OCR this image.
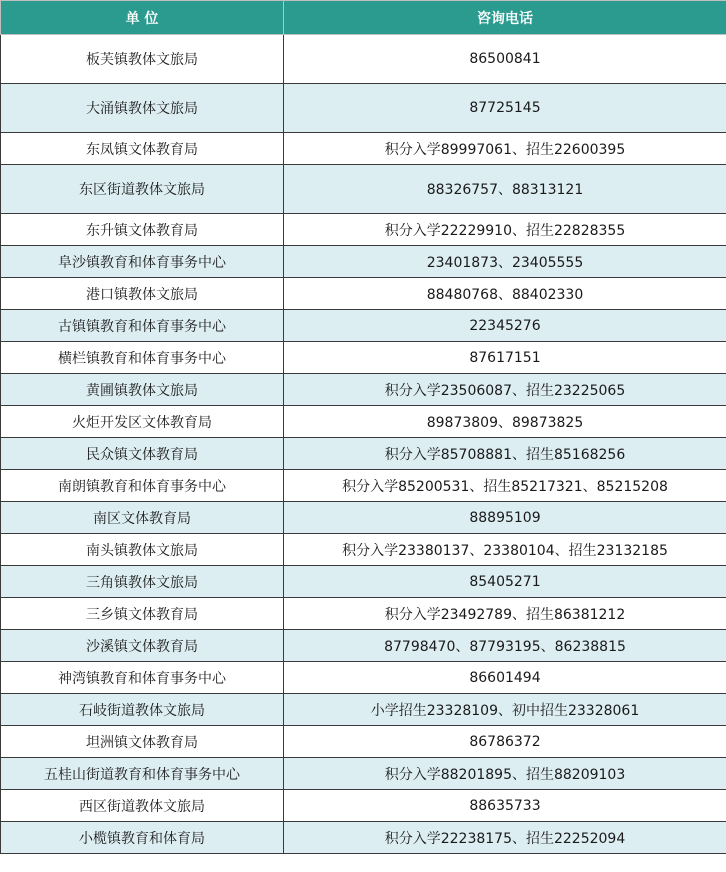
单 位	咨询电话
板芙镇教体文旅局	86500841
大涌镇教体文旅局	87725145
东凤镇文体教育局	积分入学89997061、招生22600395
东区街道教体文旅局	88326757、88313121
东升镇文体教育局	积分入学22229910、招生22828355
阜沙镇教育和体育事务中心	23401873、23405555
港口镇教体文旅局	88480768、88402330
古镇镇教育和体育事务中心	22345276
横栏镇教育和体育事务中心	87617151
黄圃镇教体文旅局	积分入学23506087、招生23225065
火炬开发区文体教育局	89873809、89873825
民众镇文体教育局	积分入学85708881、招生85168256
南朗镇教育和体育事务中心	积分入学85200531、招生85217321、85215208
南区文体教育局	88895109
南头镇教体文旅局	积分入学23380137、23380104、招生23132185
三角镇教体文旅局	85405271
三乡镇文体教育局	积分入学23492789、招生86381212
沙溪镇文体教育局	87798470、87793195、86238815
神湾镇教育和体育事务中心	86601494
石岐街道教体文旅局	小学招生23328109、初中招生23328061
坦洲镇文体教育局	86786372
五桂山街道教育和体育事务中心	积分入学88201895、招生88209103
西区街道教体文旅局	88635733
小榄镇教育和体育局	积分入学22238175、招生22252094
